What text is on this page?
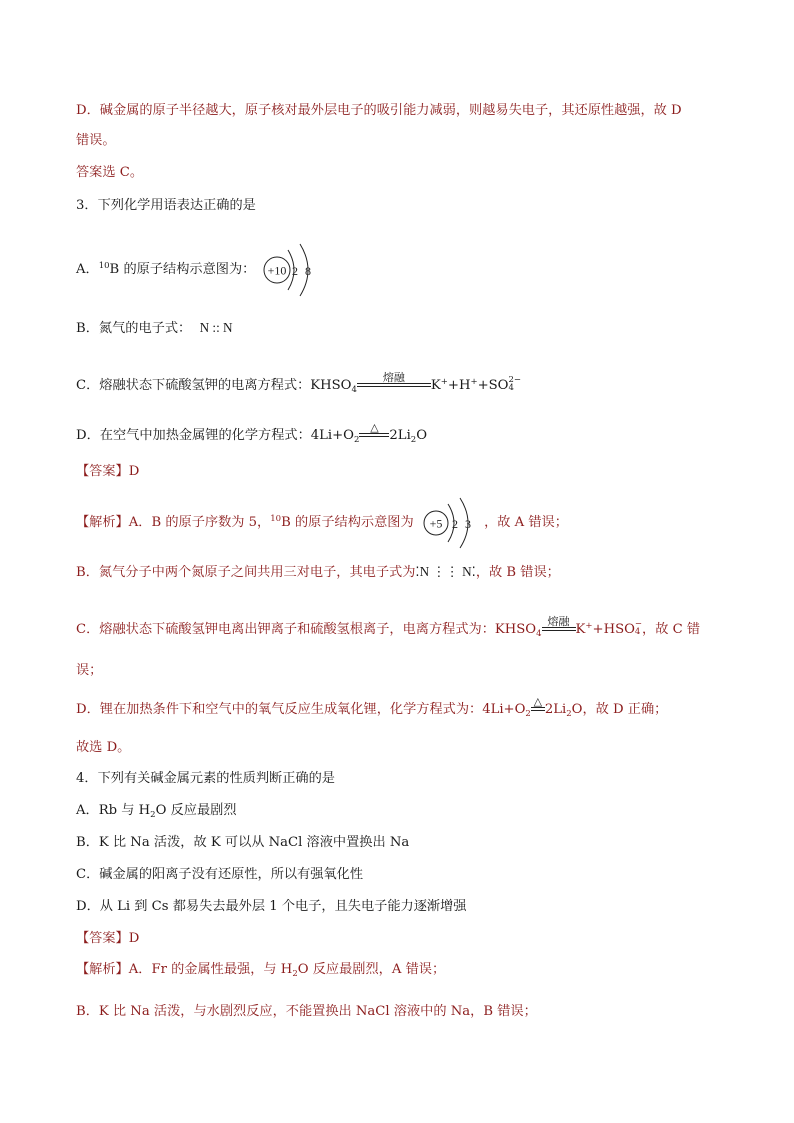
D．碱金属的原子半径越大，原子核对最外层电子的吸引能力减弱，则越易失电子，其还原性越强，故 D
错误。
答案选 C。
3．下列化学用语表达正确的是
A．$^{10}$B 的原子结构示意图为： +10 2 8
B．氮气的电子式： N :: N
C．熔融状态下硫酸氢钾的电离方程式：$KHSO_4$
熔融
K++H++SO 2−
4
D．在空气中加热金属锂的化学方程式：$4Li+O_2$
△
$2Li_2O$
【答案】D
【解析】A．B 的原子序数为 5，$^{10}$B 的原子结构示意图为 +5 2 3 ，故 A 错误；
B．氮气分子中两个氮原子之间共用三对电子，其电子式为⁚N ⋮⋮ N⁚，故 B 错误；
C．熔融状态下硫酸氢钾电离出钾离子和硫酸氢根离子，电离方程式为：$KHSO_4$
熔融
K++HSO −
4 ，故 C 错
误；
D．锂在加热条件下和空气中的氧气反应生成氧化锂，化学方程式为：$4Li+O_2$
△
$2Li_2O$，故 D 正确；
故选 D。
4．下列有关碱金属元素的性质判断正确的是
A．Rb 与 $H_2O$ 反应最剧烈
B．K 比 Na 活泼，故 K 可以从 NaCl 溶液中置换出 Na
C．碱金属的阳离子没有还原性，所以有强氧化性
D．从 Li 到 Cs 都易失去最外层 1 个电子，且失电子能力逐渐增强
【答案】D
【解析】A．Fr 的金属性最强，与 $H_2O$ 反应最剧烈，A 错误；
B．K 比 Na 活泼，与水剧烈反应，不能置换出 NaCl 溶液中的 Na，B 错误；
